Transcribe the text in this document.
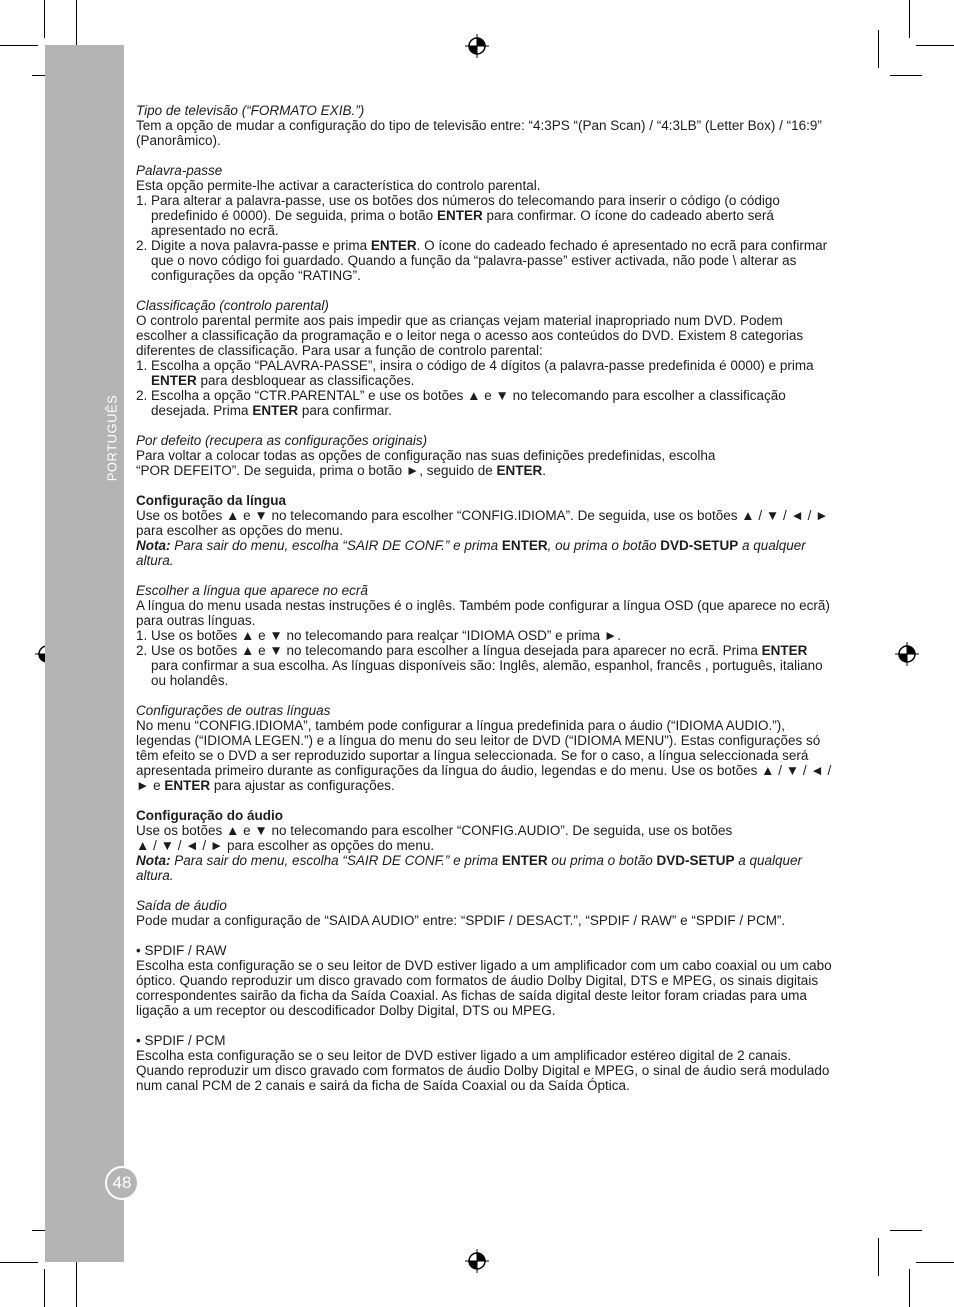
PORTUGUÊS
48

Tipo de televisão (“FORMATO EXIB.”)

Tem a opção de mudar a configuração do tipo de televisão entre: “4:3PS “(Pan Scan) / “4:3LB” (Letter Box) / “16:9” (Panorâmico).

Palavra-passe

Esta opção permite-lhe activar a característica do controlo parental.

1. Para alterar a palavra-passe, use os botões dos números do telecomando para inserir o código (o código predefinido é 0000). De seguida, prima o botão ENTER para confirmar. O ícone do cadeado aberto será apresentado no ecrã.

2. Digite a nova palavra-passe e prima ENTER. O ícone do cadeado fechado é apresentado no ecrã para confirmar que o novo código foi guardado. Quando a função da “palavra-passe” estiver activada, não pode \ alterar as configurações da opção “RATING”.

Classificação (controlo parental)

O controlo parental permite aos pais impedir que as crianças vejam material inapropriado num DVD. Podem escolher a classificação da programação e o leitor nega o acesso aos conteúdos do DVD. Existem 8 categorias diferentes de classificação. Para usar a função de controlo parental:

1. Escolha a opção “PALAVRA-PASSE”, insira o código de 4 dígitos (a palavra-passe predefinida é 0000) e prima ENTER para desbloquear as classificações.

2. Escolha a opção “CTR.PARENTAL” e use os botões ▲ e ▼ no telecomando para escolher a classificação desejada. Prima ENTER para confirmar.

Por defeito (recupera as configurações originais)

Para voltar a colocar todas as opções de configuração nas suas definições predefinidas, escolha

“POR DEFEITO”. De seguida, prima o botão ►, seguido de ENTER.

Configuração da língua

Use os botões ▲ e ▼ no telecomando para escolher “CONFIG.IDIOMA”. De seguida, use os botões ▲ / ▼ / ◄ / ► para escolher as opções do menu.

Nota: Para sair do menu, escolha “SAIR DE CONF.” e prima ENTER, ou prima o botão DVD-SETUP a qualquer altura.

Escolher a língua que aparece no ecrã

A língua do menu usada nestas instruções é o inglês. Também pode configurar a língua OSD (que aparece no ecrã) para outras línguas.

1. Use os botões ▲ e ▼ no telecomando para realçar “IDIOMA OSD” e prima ►.

2. Use os botões ▲ e ▼ no telecomando para escolher a língua desejada para aparecer no ecrã. Prima ENTER para confirmar a sua escolha. As línguas disponíveis são: Inglês, alemão, espanhol, francês , português, italiano ou holandês.

Configurações de outras línguas

No menu “CONFIG.IDIOMA”, também pode configurar a língua predefinida para o áudio (“IDIOMA AUDIO.”), legendas (“IDIOMA LEGEN.”) e a língua do menu do seu leitor de DVD (“IDIOMA MENU”). Estas configurações só têm efeito se o DVD a ser reproduzido suportar a língua seleccionada. Se for o caso, a língua seleccionada será apresentada primeiro durante as configurações da língua do áudio, legendas e do menu. Use os botões ▲ / ▼ / ◄ / ► e ENTER para ajustar as configurações.

Configuração do áudio

Use os botões ▲ e ▼ no telecomando para escolher “CONFIG.AUDIO”. De seguida, use os botões

▲ / ▼ / ◄ / ► para escolher as opções do menu.

Nota: Para sair do menu, escolha “SAIR DE CONF.” e prima ENTER ou prima o botão DVD-SETUP a qualquer altura.

Saída de áudio

Pode mudar a configuração de “SAIDA AUDIO” entre: “SPDIF / DESACT.”, “SPDIF / RAW” e “SPDIF / PCM”.

• SPDIF / RAW

Escolha esta configuração se o seu leitor de DVD estiver ligado a um amplificador com um cabo coaxial ou um cabo óptico. Quando reproduzir um disco gravado com formatos de áudio Dolby Digital, DTS e MPEG, os sinais digitais correspondentes sairão da ficha da Saída Coaxial. As fichas de saída digital deste leitor foram criadas para uma ligação a um receptor ou descodificador Dolby Digital, DTS ou MPEG.

• SPDIF / PCM

Escolha esta configuração se o seu leitor de DVD estiver ligado a um amplificador estéreo digital de 2 canais. Quando reproduzir um disco gravado com formatos de áudio Dolby Digital e MPEG, o sinal de áudio será modulado num canal PCM de 2 canais e sairá da ficha de Saída Coaxial ou da Saída Óptica.
